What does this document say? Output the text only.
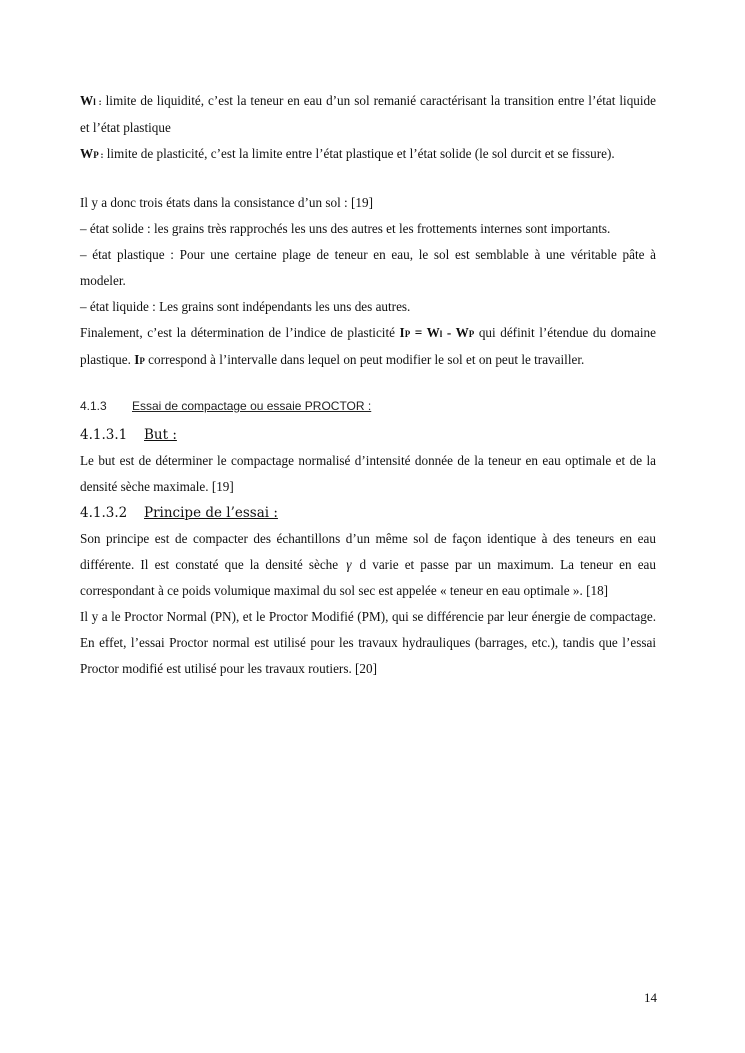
Wl : limite de liquidité, c’est la teneur en eau d’un sol remanié caractérisant la transition entre l’état liquide et l’état plastique

WP : limite de plasticité, c’est la limite entre l’état plastique et l’état solide (le sol durcit et se fissure).

Il y a donc trois états dans la consistance d’un sol : [19]

– état solide : les grains très rapprochés les uns des autres et les frottements internes sont importants.

– état plastique : Pour une certaine plage de teneur en eau, le sol est semblable à une véritable pâte à modeler.

– état liquide : Les grains sont indépendants les uns des autres.

Finalement, c’est la détermination de l’indice de plasticité IP = Wl - WP qui définit l’étendue du domaine plastique. IP correspond à l’intervalle dans lequel on peut modifier le sol et on peut le travailler.

4.1.3 Essai de compactage ou essaie PROCTOR :
4.1.3.1 But :

Le but est de déterminer le compactage normalisé d’intensité donnée de la teneur en eau optimale et de la densité sèche maximale. [19]

4.1.3.2 Principe de l’essai :

Son principe est de compacter des échantillons d’un même sol de façon identique à des teneurs en eau différente. Il est constaté que la densité sèche γ d varie et passe par un maximum. La teneur en eau correspondant à ce poids volumique maximal du sol sec est appelée « teneur en eau optimale ». [18]

Il y a le Proctor Normal (PN), et le Proctor Modifié (PM), qui se différencie par leur énergie de compactage. En effet, l’essai Proctor normal est utilisé pour les travaux hydrauliques (barrages, etc.), tandis que l’essai Proctor modifié est utilisé pour les travaux routiers. [20]

14
